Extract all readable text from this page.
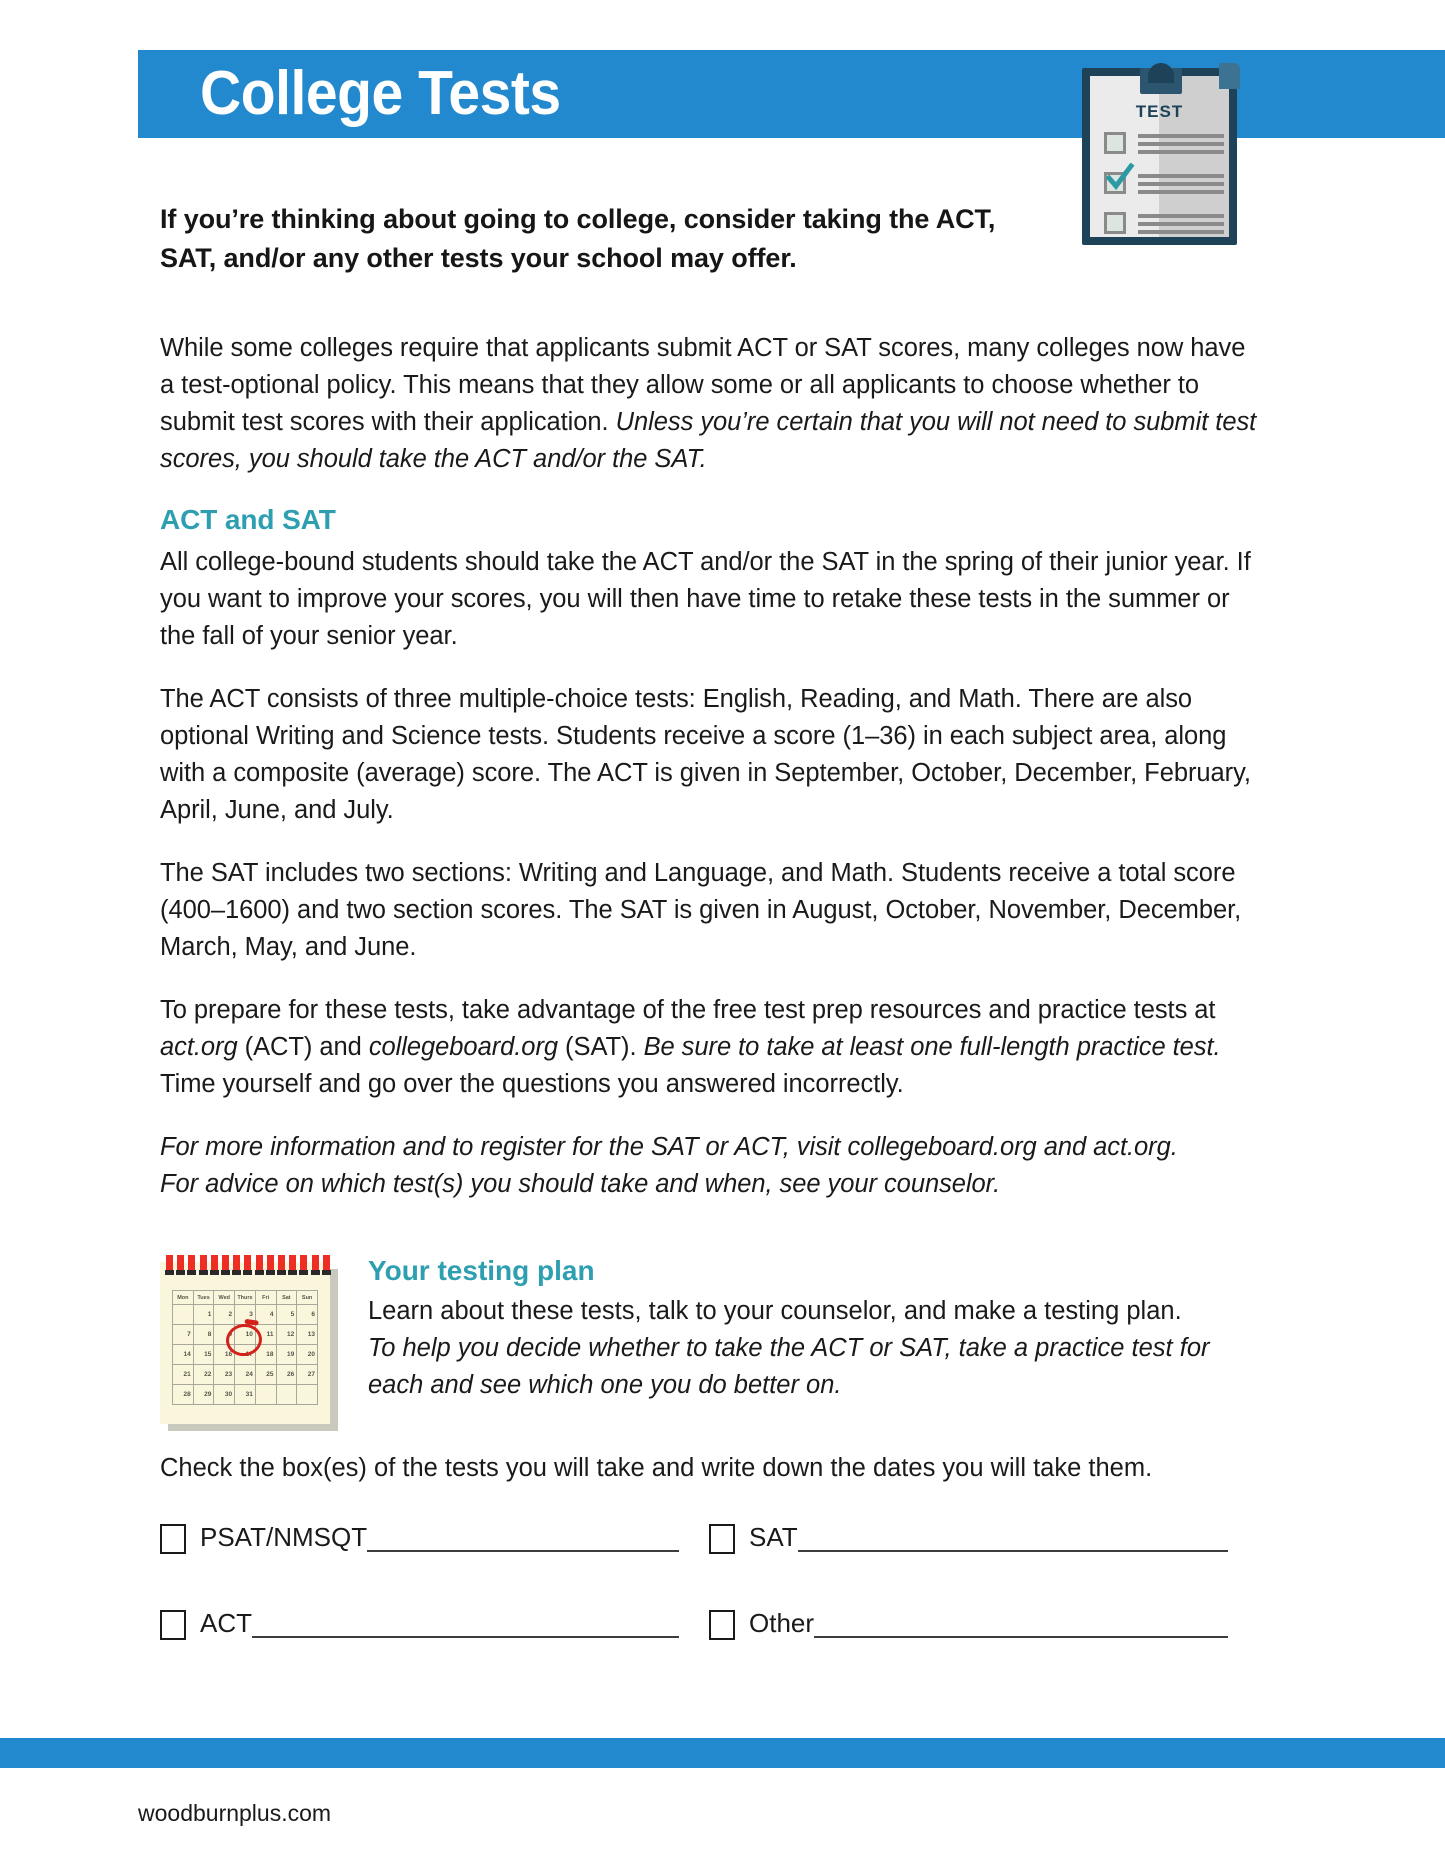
College Tests	TEST
If you’re thinking about going to college, consider taking the ACT, SAT, and/or any other tests your school may offer.

While some colleges require that applicants submit ACT or SAT scores, many colleges now have a test-optional policy. This means that they allow some or all applicants to choose whether to submit test scores with their application. Unless you’re certain that you will not need to submit test scores, you should take the ACT and/or the SAT.

ACT and SAT

All college-bound students should take the ACT and/or the SAT in the spring of their junior year. If you want to improve your scores, you will then have time to retake these tests in the summer or the fall of your senior year.

The ACT consists of three multiple-choice tests: English, Reading, and Math. There are also optional Writing and Science tests. Students receive a score (1–36) in each subject area, along with a composite (average) score. The ACT is given in September, October, December, February, April, June, and July.

The SAT includes two sections: Writing and Language, and Math. Students receive a total score (400–1600) and two section scores. The SAT is given in August, October, November, December, March, May, and June.

To prepare for these tests, take advantage of the free test prep resources and practice tests at act.org (ACT) and collegeboard.org (SAT). Be sure to take at least one full-length practice test. Time yourself and go over the questions you answered incorrectly.

For more information and to register for the SAT or ACT, visit collegeboard.org and act.org.
For advice on which test(s) you should take and when, see your counselor.

Mon	Tues	Wed	Thurs	Fri	Sat	Sun
	1	2	3	4	5	6
7	8	9	10	11	12	13
14	15	16	17	18	19	20
21	22	23	24	25	26	27
28	29	30	31			
Your testing plan

Learn about these tests, talk to your counselor, and make a testing plan.

To help you decide whether to take the ACT or SAT, take a practice test for each and see which one you do better on.

Check the box(es) of the tests you will take and write down the dates you will take them.
PSAT/NMSQT	SAT
ACT	Other
woodburnplus.com
